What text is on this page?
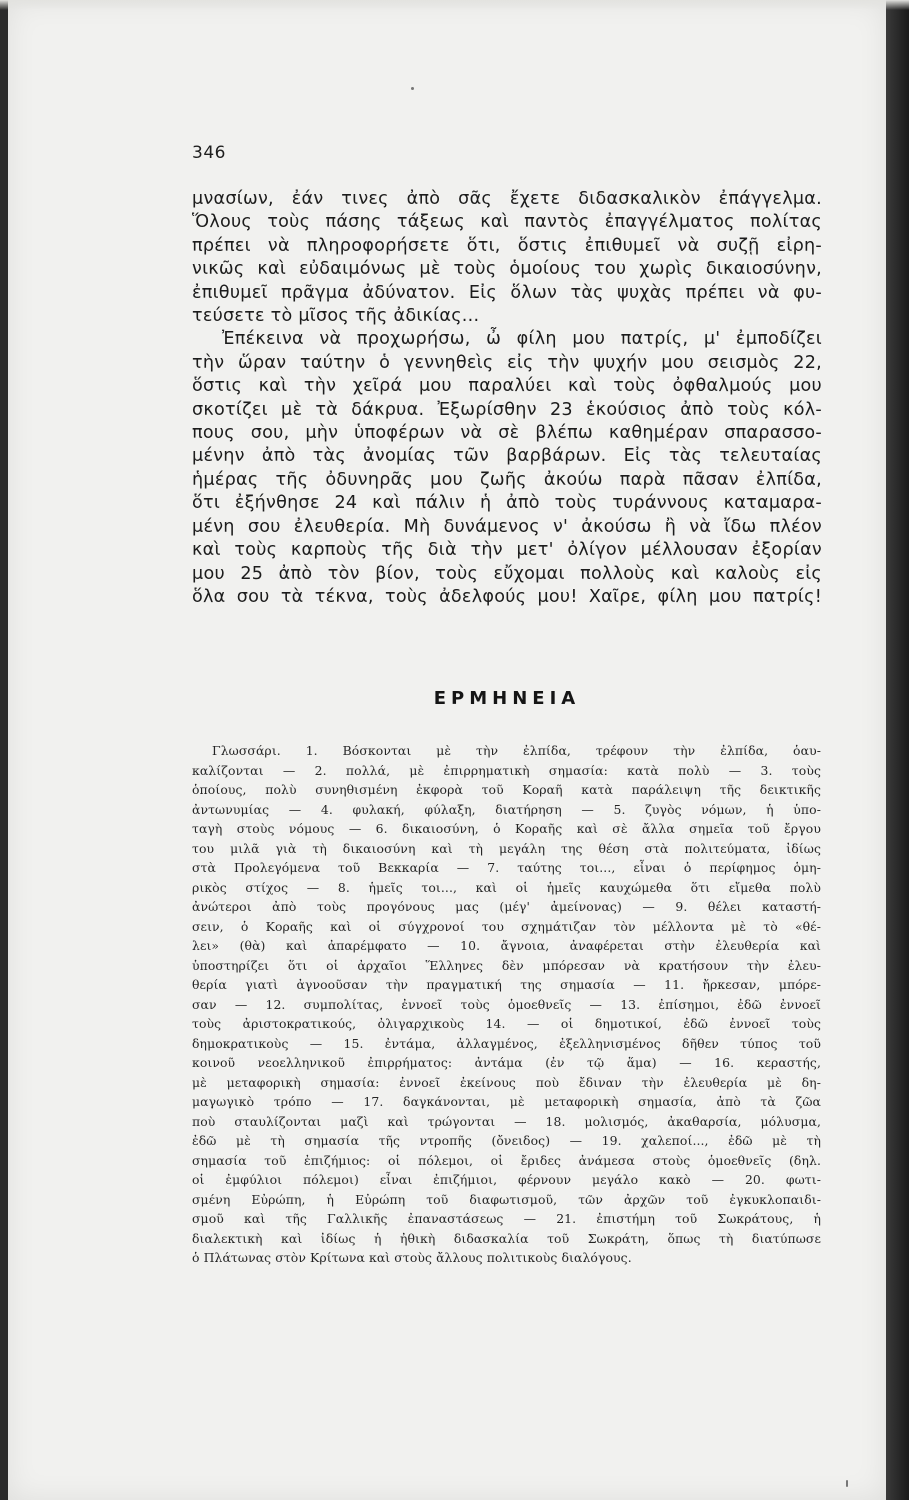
346
μνασίων, ἐάν τινες ἀπὸ σᾶς ἔχετε διδασκαλικὸν ἐπάγγελμα.
Ὅλους τοὺς πάσης τάξεως καὶ παντὸς ἐπαγγέλματος πολίτας
πρέπει νὰ πληροφορήσετε ὅτι, ὅστις ἐπιθυμεῖ νὰ συζῇ εἰρη-
νικῶς καὶ εὐδαιμόνως μὲ τοὺς ὁμοίους του χωρὶς δικαιοσύνην,
ἐπιθυμεῖ πρᾶγμα ἀδύνατον. Εἰς ὅλων τὰς ψυχὰς πρέπει νὰ φυ-
τεύσετε τὸ μῖσος τῆς ἀδικίας...
Ἐπέκεινα νὰ προχωρήσω, ὦ φίλη μου πατρίς, μ' ἐμποδίζει
τὴν ὥραν ταύτην ὁ γεννηθεὶς εἰς τὴν ψυχήν μου σεισμὸς 22,
ὅστις καὶ τὴν χεῖρά μου παραλύει καὶ τοὺς ὀφθαλμούς μου
σκοτίζει μὲ τὰ δάκρυα. Ἐξωρίσθην 23 ἑκούσιος ἀπὸ τοὺς κόλ-
πους σου, μὴν ὑποφέρων νὰ σὲ βλέπω καθημέραν σπαρασσο-
μένην ἀπὸ τὰς ἀνομίας τῶν βαρβάρων. Εἰς τὰς τελευταίας
ἡμέρας τῆς ὀδυνηρᾶς μου ζωῆς ἀκούω παρὰ πᾶσαν ἐλπίδα,
ὅτι ἐξήνθησε 24 καὶ πάλιν ἡ ἀπὸ τοὺς τυράννους καταμαρα-
μένη σου ἐλευθερία. Μὴ δυνάμενος ν' ἀκούσω ἢ νὰ ἴδω πλέον
καὶ τοὺς καρποὺς τῆς διὰ τὴν μετ' ὀλίγον μέλλουσαν ἐξορίαν
μου 25 ἀπὸ τὸν βίον, τοὺς εὔχομαι πολλοὺς καὶ καλοὺς εἰς
ὅλα σου τὰ τέκνα, τοὺς ἀδελφούς μου! Χαῖρε, φίλη μου πατρίς!
ΕΡΜΗΝΕΙΑ
Γλωσσάρι. 1. Βόσκονται μὲ τὴν ἐλπίδα, τρέφουν τὴν ἐλπίδα, ὁαυ-
καλίζονται — 2. πολλά, μὲ ἐπιρρηματικὴ σημασία: κατὰ πολὺ — 3. τοὺς
ὁποίους, πολὺ συνηθισμένη ἐκφορὰ τοῦ Κοραῆ κατὰ παράλειψη τῆς δεικτικῆς
ἀντωνυμίας — 4. φυλακή, φύλαξη, διατήρηση — 5. ζυγὸς νόμων, ἡ ὑπο-
ταγὴ στοὺς νόμους — 6. δικαιοσύνη, ὁ Κοραῆς καὶ σὲ ἄλλα σημεῖα τοῦ ἔργου
του μιλᾶ γιὰ τὴ δικαιοσύνη καὶ τὴ μεγάλη της θέση στὰ πολιτεύματα, ἰδίως
στὰ Προλεγόμενα τοῦ Βεκκαρία — 7. ταύτης τοι..., εἶναι ὁ περίφημος ὁμη-
ρικὸς στίχος — 8. ἡμεῖς τοι..., καὶ οἱ ἡμεῖς καυχώμεθα ὅτι εἴμεθα πολὺ
ἀνώτεροι ἀπὸ τοὺς προγόνους μας (μέγ' ἀμείνονας) — 9. θέλει καταστή-
σειν, ὁ Κοραῆς καὶ οἱ σύγχρονοί του σχημάτιζαν τὸν μέλλοντα μὲ τὸ «θέ-
λει» (θὰ) καὶ ἀπαρέμφατο — 10. ἄγνοια, ἀναφέρεται στὴν ἐλευθερία καὶ
ὑποστηρίζει ὅτι οἱ ἀρχαῖοι Ἕλληνες δὲν μπόρεσαν νὰ κρατήσουν τὴν ἐλευ-
θερία γιατὶ ἀγνοοῦσαν τὴν πραγματική της σημασία — 11. ἤρκεσαν, μπόρε-
σαν — 12. συμπολίτας, ἐννοεῖ τοὺς ὁμοεθνεῖς — 13. ἐπίσημοι, ἐδῶ ἐννοεῖ
τοὺς ἀριστοκρατικούς, ὀλιγαρχικοὺς 14. — οἱ δημοτικοί, ἐδῶ ἐννοεῖ τοὺς
δημοκρατικοὺς — 15. ἐντάμα, ἀλλαγμένος, ἐξελληνισμένος δῆθεν τύπος τοῦ
κοινοῦ νεοελληνικοῦ ἐπιρρήματος: ἀντάμα (ἐν τῷ ἅμα) — 16. κεραστής,
μὲ μεταφορικὴ σημασία: ἐννοεῖ ἐκείνους ποὺ ἔδιναν τὴν ἐλευθερία μὲ δη-
μαγωγικὸ τρόπο — 17. δαγκάνονται, μὲ μεταφορικὴ σημασία, ἀπὸ τὰ ζῶα
ποὺ σταυλίζονται μαζὶ καὶ τρώγονται — 18. μολισμός, ἀκαθαρσία, μόλυσμα,
ἐδῶ μὲ τὴ σημασία τῆς ντροπῆς (ὄνειδος) — 19. χαλεποί..., ἐδῶ μὲ τὴ
σημασία τοῦ ἐπιζήμιος: οἱ πόλεμοι, οἱ ἔριδες ἀνάμεσα στοὺς ὁμοεθνεῖς (δηλ.
οἱ ἐμφύλιοι πόλεμοι) εἶναι ἐπιζήμιοι, φέρνουν μεγάλο κακὸ — 20. φωτι-
σμένη Εὐρώπη, ἡ Εὐρώπη τοῦ διαφωτισμοῦ, τῶν ἀρχῶν τοῦ ἐγκυκλοπαιδι-
σμοῦ καὶ τῆς Γαλλικῆς ἐπαναστάσεως — 21. ἐπιστήμη τοῦ Σωκράτους, ἡ
διαλεκτικὴ καὶ ἰδίως ἡ ἠθικὴ διδασκαλία τοῦ Σωκράτη, ὅπως τὴ διατύπωσε
ὁ Πλάτωνας στὸν Κρίτωνα καὶ στοὺς ἄλλους πολιτικοὺς διαλόγους.
